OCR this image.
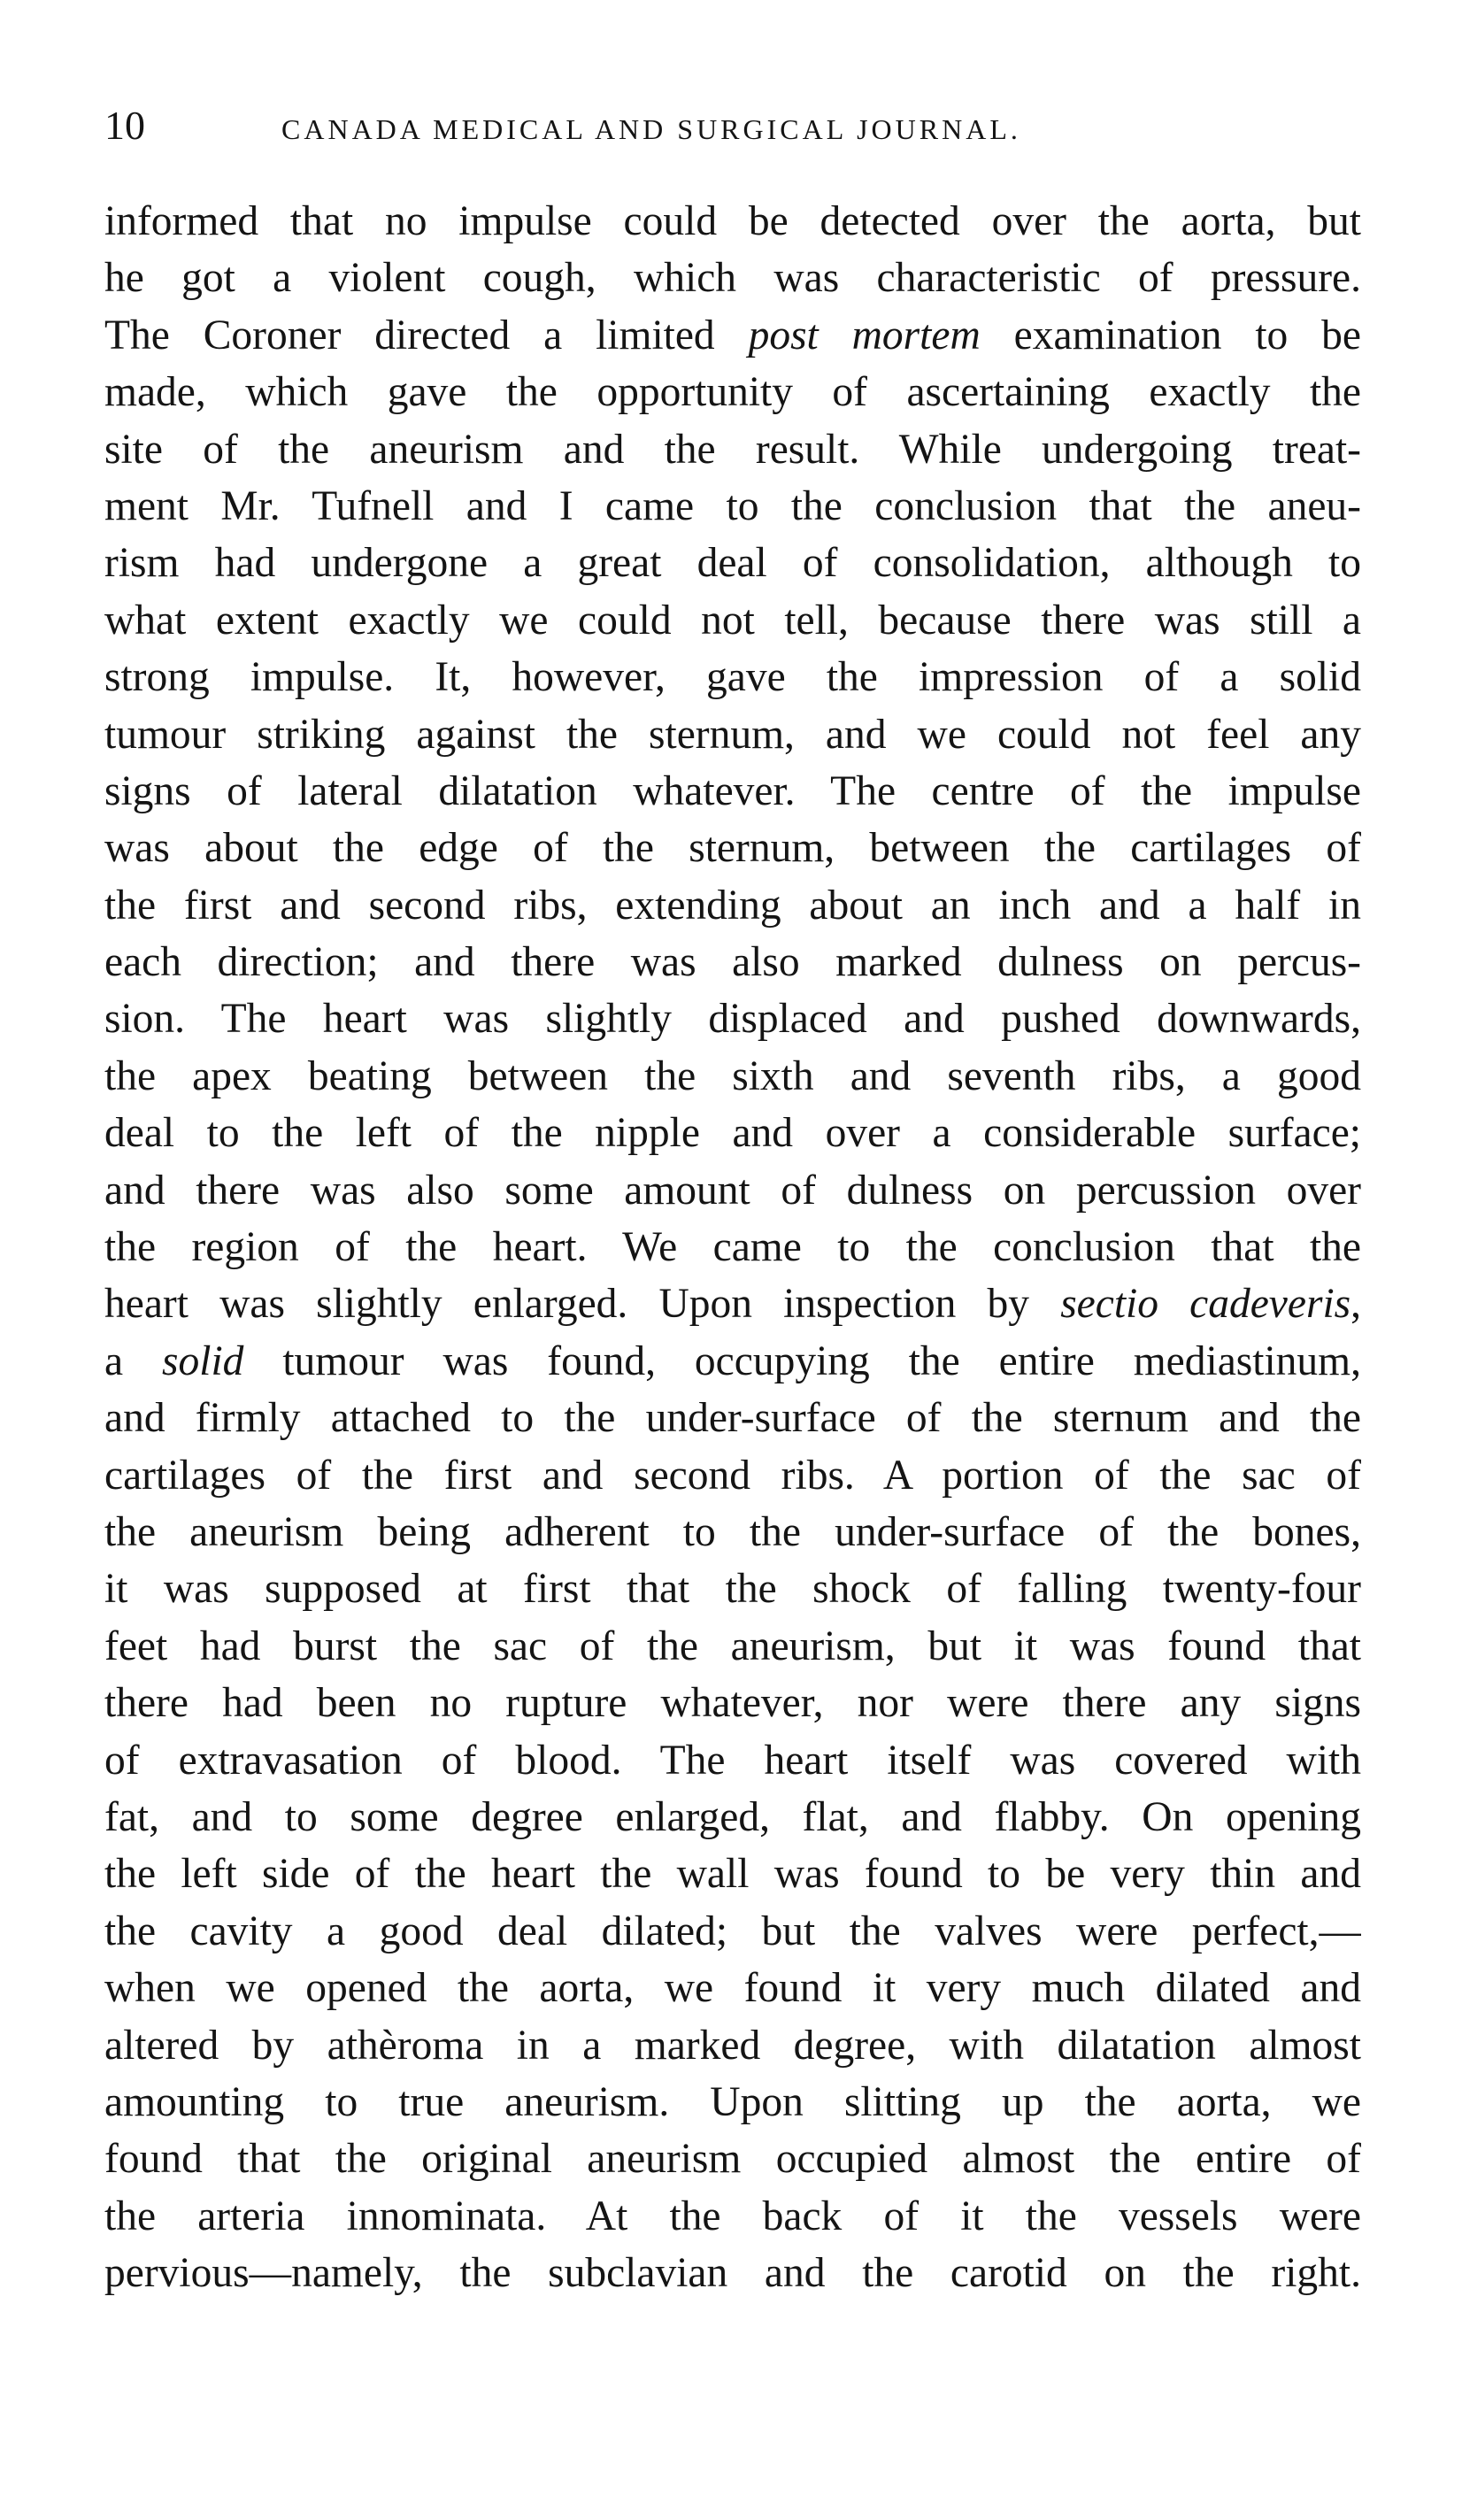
10	CANADA MEDICAL AND SURGICAL JOURNAL.
informed that no impulse could be detected over the aorta, but
he got a violent cough, which was characteristic of pressure.
The Coroner directed a limited post mortem examination to be
made, which gave the opportunity of ascertaining exactly the
site of the aneurism and the result. While undergoing treat-
ment Mr. Tufnell and I came to the conclusion that the aneu-
rism had undergone a great deal of consolidation, although to
what extent exactly we could not tell, because there was still a
strong impulse. It, however, gave the impression of a solid
tumour striking against the sternum, and we could not feel any
signs of lateral dilatation whatever. The centre of the impulse
was about the edge of the sternum, between the cartilages of
the first and second ribs, extending about an inch and a half in
each direction; and there was also marked dulness on percus-
sion. The heart was slightly displaced and pushed downwards,
the apex beating between the sixth and seventh ribs, a good
deal to the left of the nipple and over a considerable surface;
and there was also some amount of dulness on percussion over
the region of the heart. We came to the conclusion that the
heart was slightly enlarged. Upon inspection by sectio cadeveris,
a solid tumour was found, occupying the entire mediastinum,
and firmly attached to the under-surface of the sternum and the
cartilages of the first and second ribs. A portion of the sac of
the aneurism being adherent to the under-surface of the bones,
it was supposed at first that the shock of falling twenty-four
feet had burst the sac of the aneurism, but it was found that
there had been no rupture whatever, nor were there any signs
of extravasation of blood. The heart itself was covered with
fat, and to some degree enlarged, flat, and flabby. On opening
the left side of the heart the wall was found to be very thin and
the cavity a good deal dilated; but the valves were perfect,—
when we opened the aorta, we found it very much dilated and
altered by athèroma in a marked degree, with dilatation almost
amounting to true aneurism. Upon slitting up the aorta, we
found that the original aneurism occupied almost the entire of
the arteria innominata. At the back of it the vessels were
pervious—namely, the subclavian and the carotid on the right.
